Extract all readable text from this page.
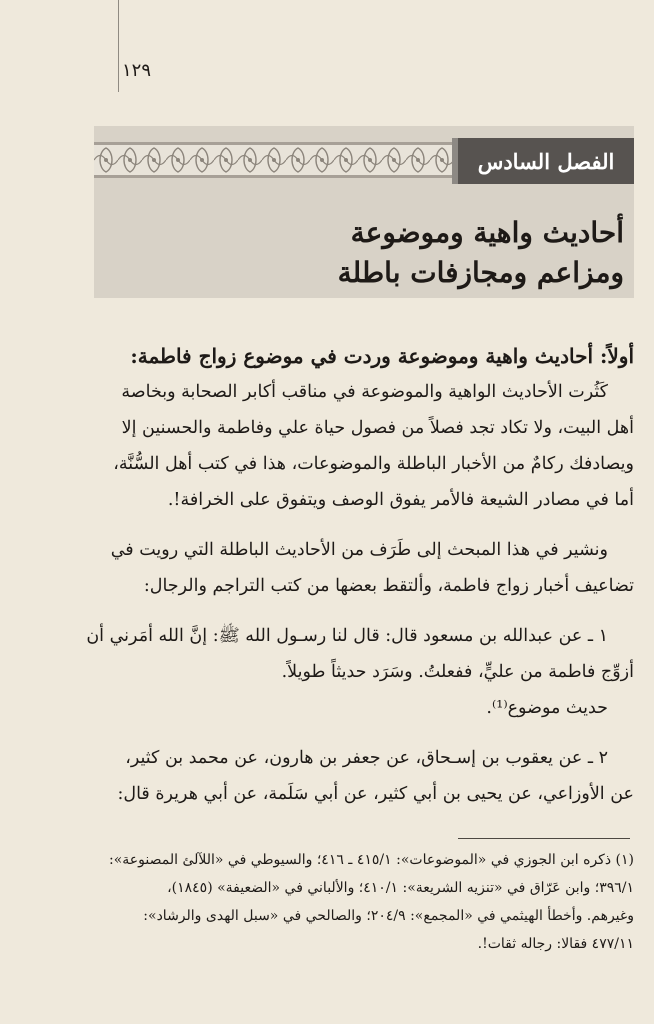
١٢٩
الفصل السادس
أحاديث واهية وموضوعة
ومزاعم ومجازفات باطلة
أولاً: أحاديث واهية وموضوعة وردت في موضوع زواج فاطمة:
كَثُرت الأحاديث الواهية والموضوعة في مناقب أكابر الصحابة وبخاصة
أهل البيت، ولا تكاد تجد فصلاً من فصول حياة علي وفاطمة والحسنين إلا
ويصادفك ركامٌ من الأخبار الباطلة والموضوعات، هذا في كتب أهل السُّنَّة،
أما في مصادر الشيعة فالأمر يفوق الوصف ويتفوق على الخرافة!.
ونشير في هذا المبحث إلى طَرَف من الأحاديث الباطلة التي رويت في
تضاعيف أخبار زواج فاطمة، وألتقط بعضها من كتب التراجم والرجال:
١ ـ عن عبدالله بن مسعود قال: قال لنا رسـول الله ﷺ: إنَّ الله أمَرني أن
أزوِّج فاطمة من عليٍّ، ففعلتُ. وسَرَد حديثاً طويلاً.
حديث موضوع⁽¹⁾.
٢ ـ عن يعقوب بن إسـحاق، عن جعفر بن هارون، عن محمد بن كثير،
عن الأوزاعي، عن يحيى بن أبي كثير، عن أبي سَلَمة، عن أبي هريرة قال:
(١) ذكره ابن الجوزي في «الموضوعات»: ٤١٥/١ ـ ٤١٦؛ والسيوطي في «اللآلئ المصنوعة»:
٣٩٦/١؛ وابن عَرّاق في «تنزيه الشريعة»: ٤١٠/١؛ والألباني في «الضعيفة» (١٨٤٥)،
وغيرهم. وأخطأ الهيثمي في «المجمع»: ٢٠٤/٩؛ والصالحي في «سبل الهدى والرشاد»:
٤٧٧/١١ فقالا: رجاله ثقات!.
